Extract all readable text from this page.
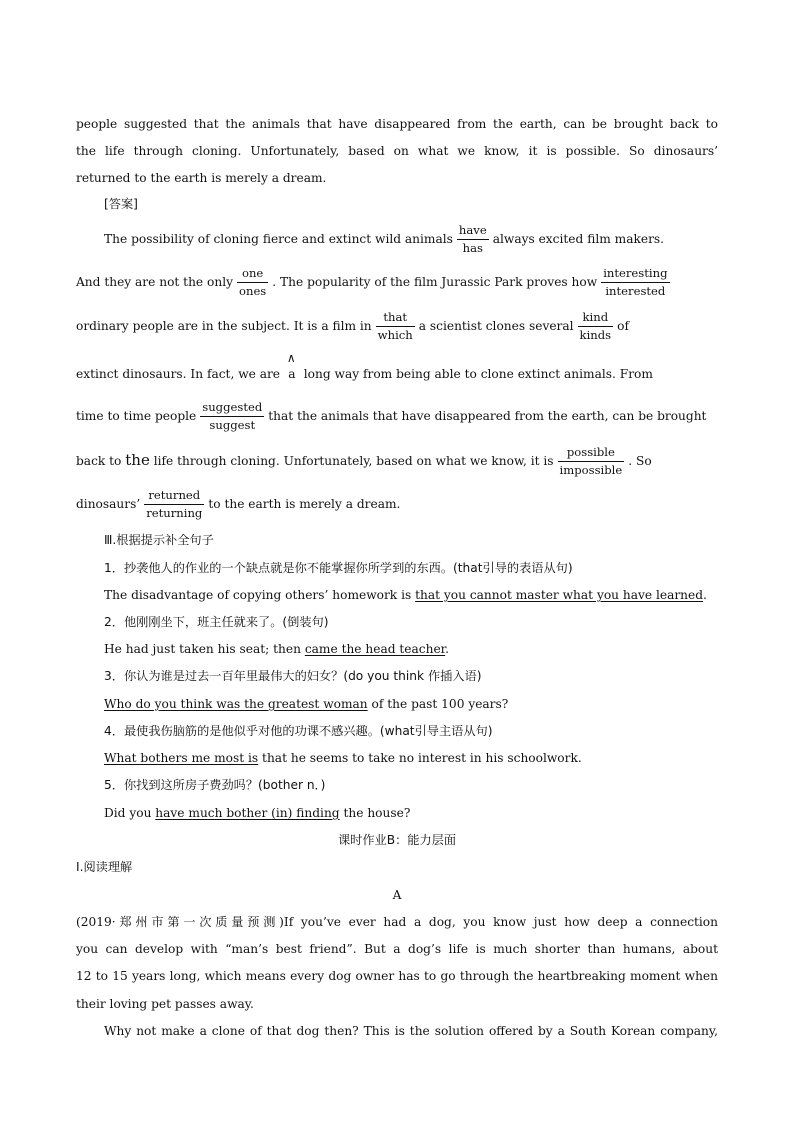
people suggested that the animals that have disappeared from the earth, can be brought back to
the life through cloning. Unfortunately, based on what we know, it is possible. So dinosaurs’
returned to the earth is merely a dream.
[答案]
The possibility of cloning fierce and extinct wild animals
have
has
always excited film makers.
And they are not the only
one
ones
. The popularity of the film Jurassic Park proves how
interesting
interested
ordinary people are in the subject. It is a film in
that
which
a scientist clones several
kind
kinds
of
extinct dinosaurs. In fact, we are
∧
a long way from being able to clone extinct animals. From
time to time people
suggested
suggest
that the animals that have disappeared from the earth, can be brought
back to the life through cloning. Unfortunately, based on what we know, it is
possible
impossible
. So
dinosaurs’
returned
returning
to the earth is merely a dream.
Ⅲ.根据提示补全句子
1．抄袭他人的作业的一个缺点就是你不能掌握你所学到的东西。(that引导的表语从句)
The disadvantage of copying others’ homework is that you cannot master what you have learned.
2．他刚刚坐下，班主任就来了。(倒装句)
He had just taken his seat; then came the head teacher.
3．你认为谁是过去一百年里最伟大的妇女？(do you think 作插入语)
Who do you think was the greatest woman of the past 100 years?
4．最使我伤脑筋的是他似乎对他的功课不感兴趣。(what引导主语从句)
What bothers me most is that he seems to take no interest in his schoolwork.
5．你找到这所房子费劲吗？(bother n．)
Did you have much bother (in) finding the house?
课时作业B：能力层面
Ⅰ.阅读理解
A
(2019·郑州市第一次质量预测)If you’ve ever had a dog, you know just how deep a connection
you can develop with “man’s best friend”. But a dog’s life is much shorter than humans, about
12 to 15 years long, which means every dog owner has to go through the heartbreaking moment when
their loving pet passes away.
Why not make a clone of that dog then? This is the solution offered by a South Korean company,
